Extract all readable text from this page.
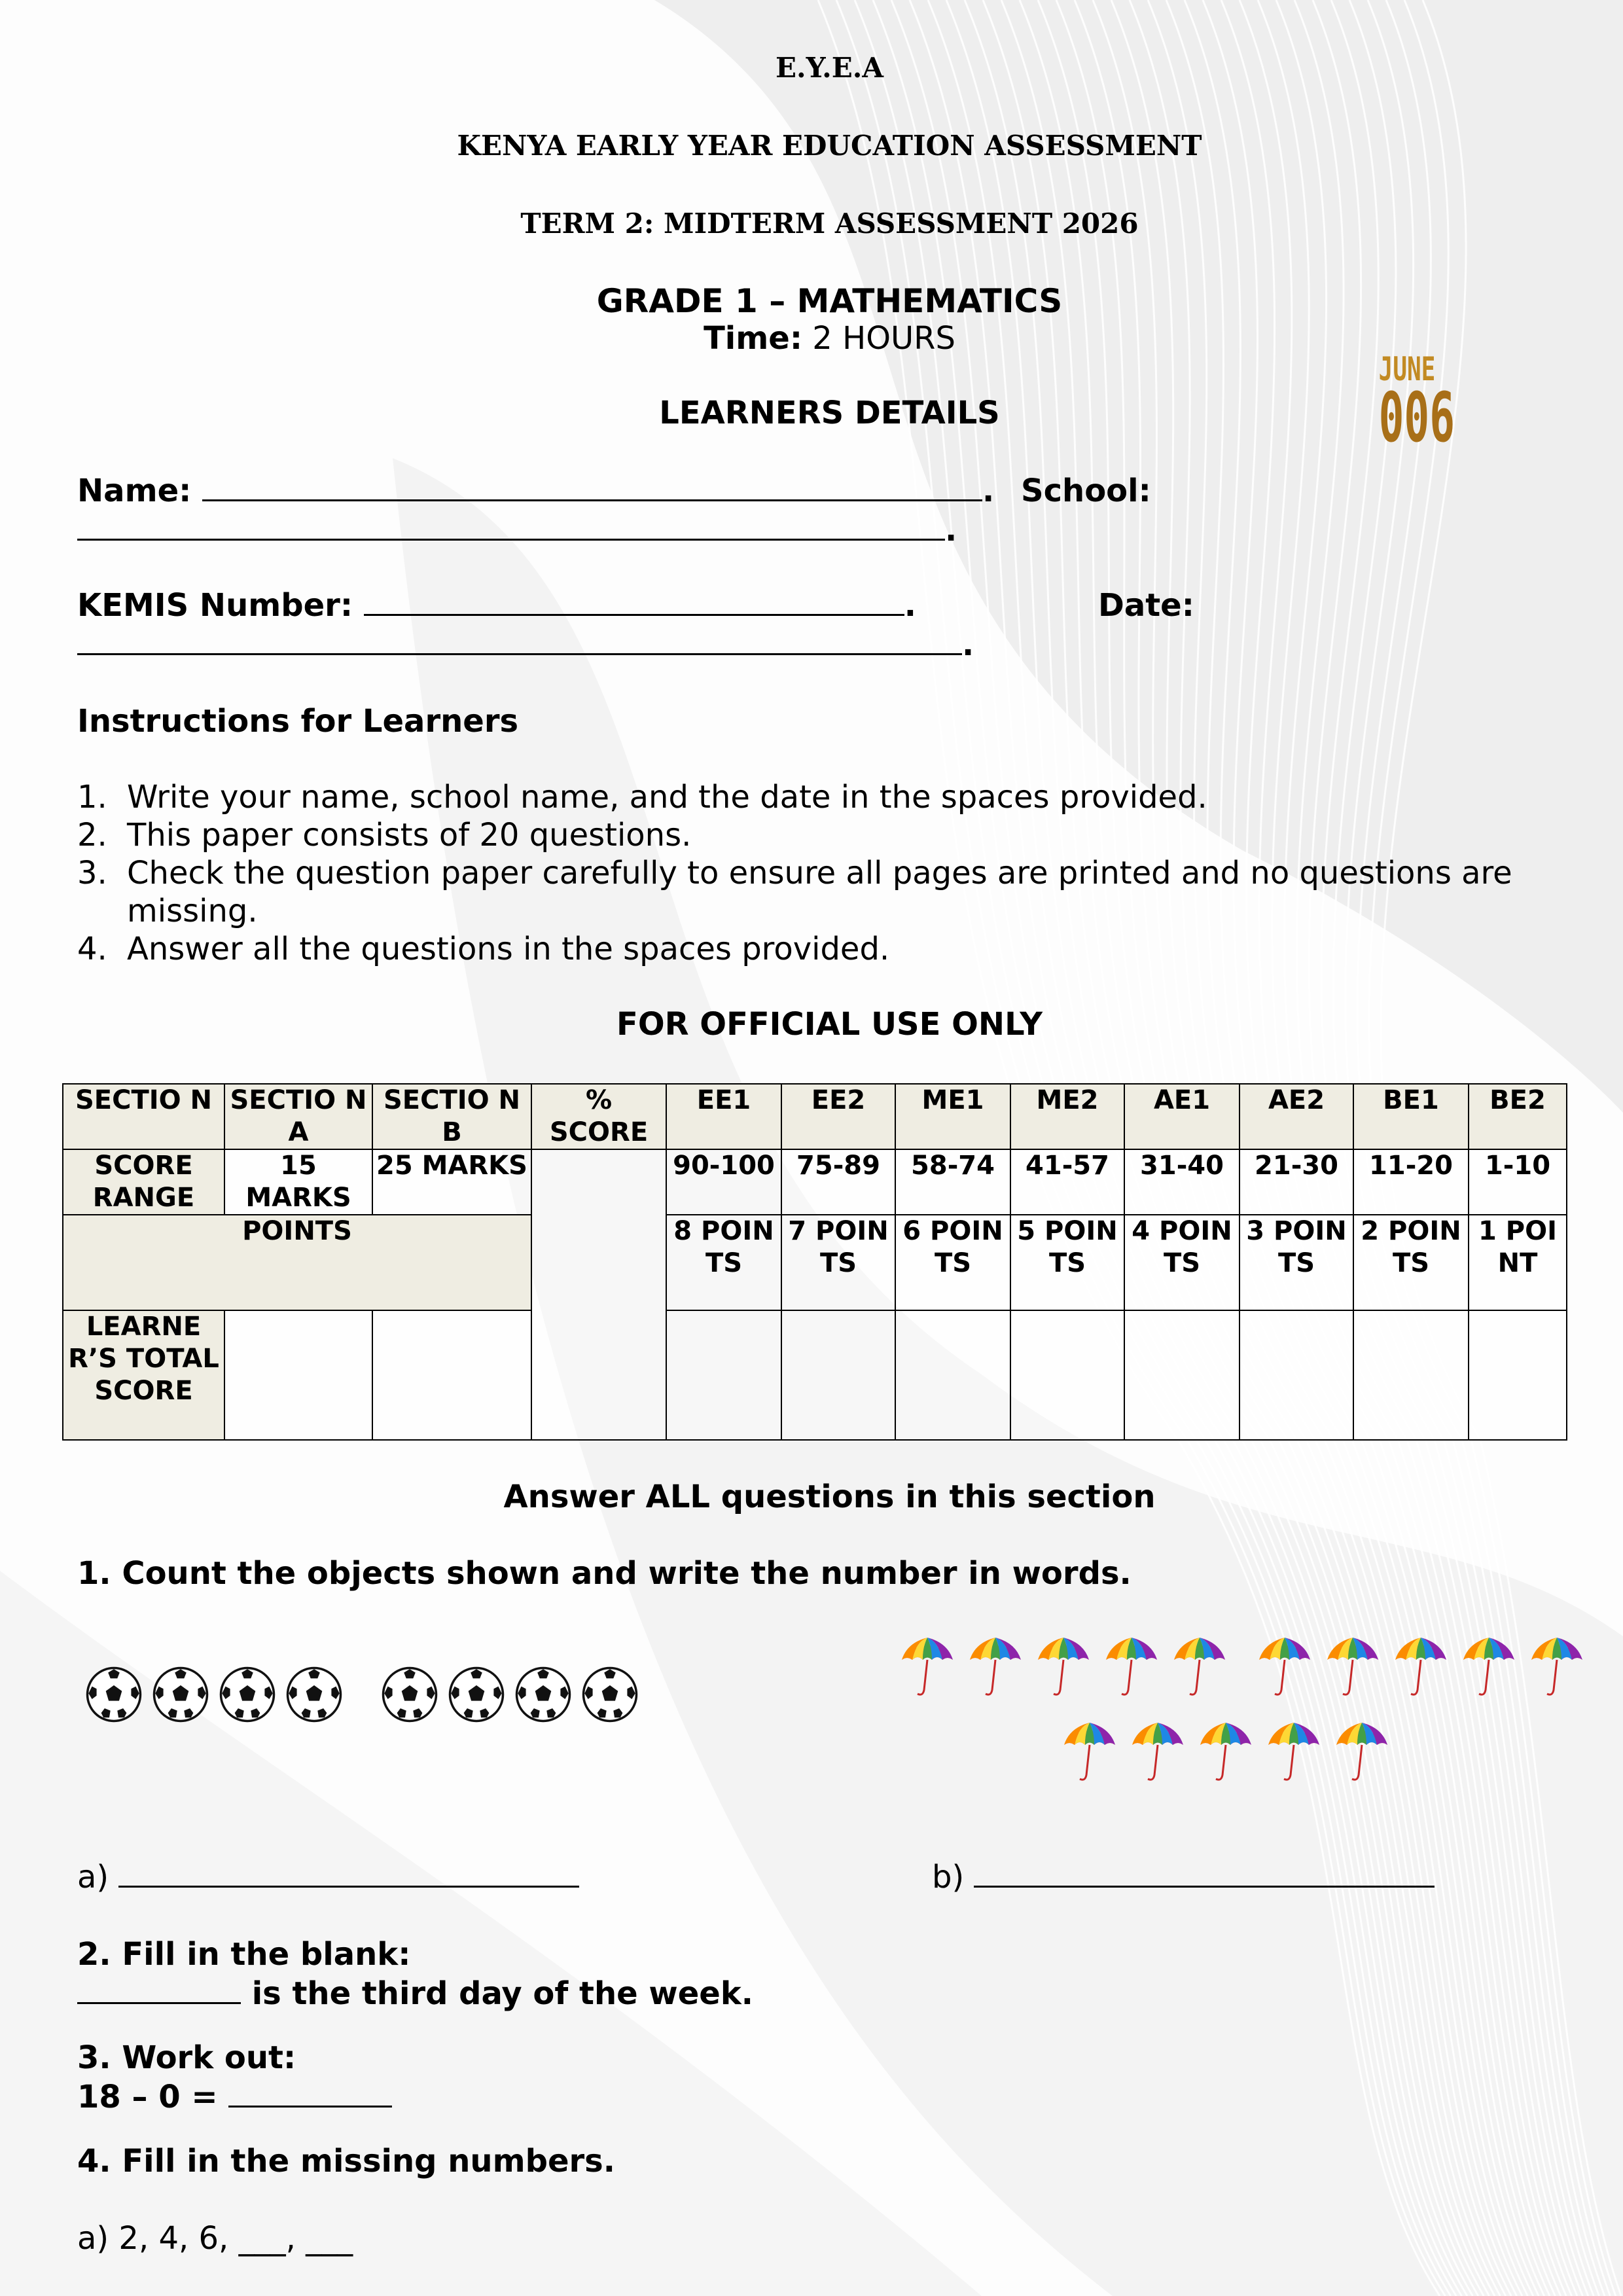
E.Y.E.A
KENYA EARLY YEAR EDUCATION ASSESSMENT
TERM 2: MIDTERM ASSESSMENT 2026
GRADE 1 – MATHEMATICS
Time: 2 HOURS
JUNE
006
LEARNERS DETAILS
Name:	. School:
.
KEMIS Number:	.	Date:
.
Instructions for Learners
1. Write your name, school name, and the date in the spaces provided.
2. This paper consists of 20 questions.
3. Check the question paper carefully to ensure all pages are printed and no questions are missing.
4. Answer all the questions in the spaces provided.
FOR OFFICIAL USE ONLY
SECTIO N	SECTIO N A	SECTIO N B	% SCORE	EE1	EE2	ME1	ME2	AE1	AE2	BE1	BE2
SCORE RANGE	15 MARKS	25 MARKS		90-100	75-89	58-74	41-57	31-40	21-30	11-20	1-10
POINTS				8 POIN TS	7 POIN TS	6 POIN TS	5 POIN TS	4 POIN TS	3 POIN TS	2 POIN TS	1 POI NT
LEARNE R’S TOTAL SCORE											
Answer ALL questions in this section
1. Count the objects shown and write the number in words.
a)	b)
2. Fill in the blank:
is the third day of the week.
3. Work out:
18 – 0 =
4. Fill in the missing numbers.
a) 2, 4, 6, ___, ___
